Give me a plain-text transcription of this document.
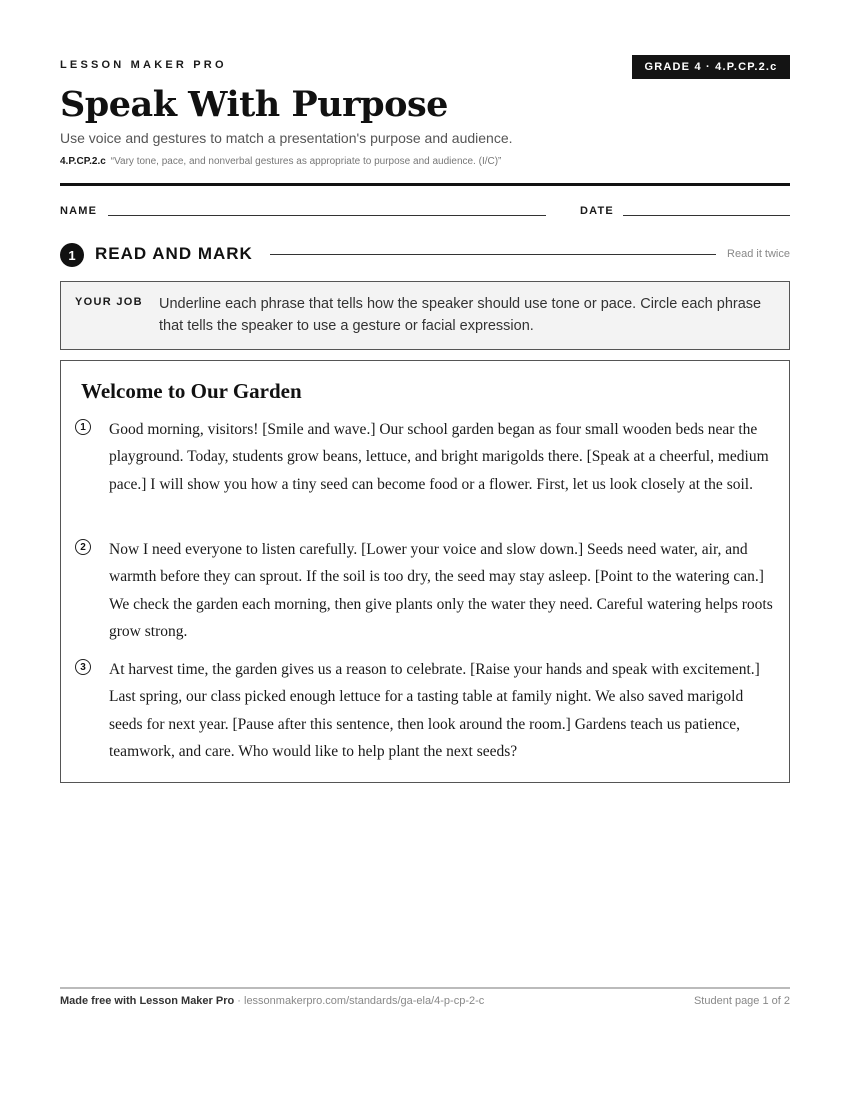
LESSON MAKER PRO	GRADE 4 · 4.P.CP.2.c
Speak With Purpose
Use voice and gestures to match a presentation's purpose and audience.
4.P.CP.2.c “Vary tone, pace, and nonverbal gestures as appropriate to purpose and audience. (I/C)”
NAME	DATE
1	READ AND MARK	Read it twice
YOUR JOB Underline each phrase that tells how the speaker should use tone or pace. Circle each phrase that tells the speaker to use a gesture or facial expression.

Welcome to Our Garden
1	Good morning, visitors! [Smile and wave.] Our school garden began as four small wooden beds near the playground. Today, students grow beans, lettuce, and bright marigolds there. [Speak at a cheerful, medium pace.] I will show you how a tiny seed can become food or a flower. First, let us look closely at the soil.

2	Now I need everyone to listen carefully. [Lower your voice and slow down.] Seeds need water, air, and warmth before they can sprout. If the soil is too dry, the seed may stay asleep. [Point to the watering can.] We check the garden each morning, then give plants only the water they need. Careful watering helps roots grow strong.

3	At harvest time, the garden gives us a reason to celebrate. [Raise your hands and speak with excitement.] Last spring, our class picked enough lettuce for a tasting table at family night. We also saved marigold seeds for next year. [Pause after this sentence, then look around the room.] Gardens teach us patience, teamwork, and care. Who would like to help plant the next seeds?

Made free with Lesson Maker Pro · lessonmakerpro.com/standards/ga-ela/4-p-cp-2-c	Student page 1 of 2
